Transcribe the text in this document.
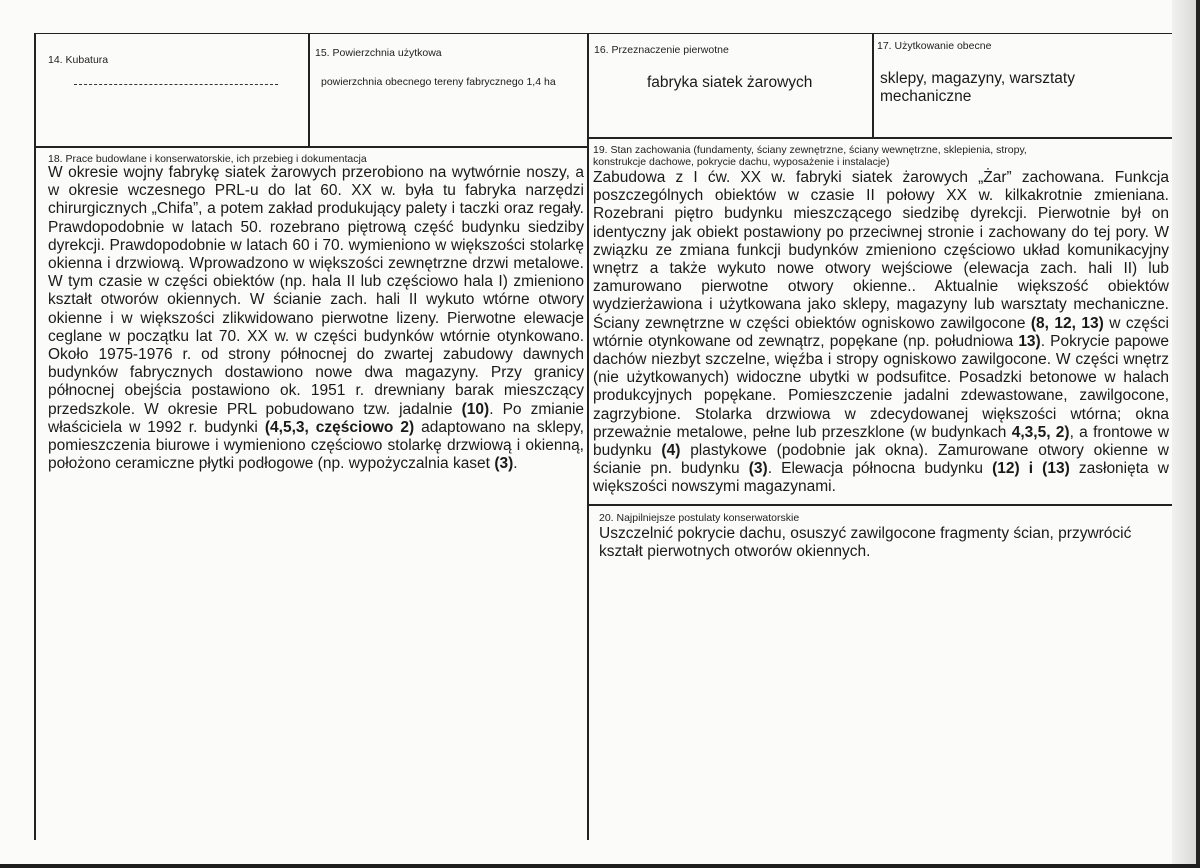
14. Kubatura
15. Powierzchnia użytkowa
powierzchnia obecnego tereny fabrycznego 1,4 ha
16. Przeznaczenie pierwotne
fabryka siatek żarowych
17. Użytkowanie obecne
sklepy, magazyny, warsztaty mechaniczne
18. Prace budowlane i konserwatorskie, ich przebieg i dokumentacja

W okresie wojny fabrykę siatek żarowych przerobiono na wytwórnie noszy, a w okresie wczesnego PRL-u do lat 60. XX w. była tu fabryka narzędzi chirurgicznych „Chifa”, a potem zakład produkujący palety i taczki oraz regały. Prawdopodobnie w latach 50. rozebrano piętrową część budynku siedziby dyrekcji. Prawdopodobnie w latach 60 i 70. wymieniono w większości stolarkę okienna i drzwiową. Wprowadzono w większości zewnętrzne drzwi metalowe. W tym czasie w części obiektów (np. hala II lub częściowo hala I) zmieniono kształt otworów okiennych. W ścianie zach. hali II wykuto wtórne otwory okienne i w większości zlikwidowano pierwotne lizeny. Pierwotne elewacje ceglane w początku lat 70. XX w. w części budynków wtórnie otynkowano. Około 1975-1976 r. od strony północnej do zwartej zabudowy dawnych budynków fabrycznych dostawiono nowe dwa magazyny. Przy granicy północnej obejścia postawiono ok. 1951 r. drewniany barak mieszczący przedszkole. W okresie PRL pobudowano tzw. jadalnie (10). Po zmianie właściciela w 1992 r. budynki (4,5,3, częściowo 2) adaptowano na sklepy, pomieszczenia biurowe i wymieniono częściowo stolarkę drzwiową i okienną, położono ceramiczne płytki podłogowe (np. wypożyczalnia kaset (3).

19. Stan zachowania (fundamenty, ściany zewnętrzne, ściany wewnętrzne, sklepienia, stropy,
konstrukcje dachowe, pokrycie dachu, wyposażenie i instalacje)

Zabudowa z I ćw. XX w. fabryki siatek żarowych „Żar” zachowana. Funkcja poszczególnych obiektów w czasie II połowy XX w. kilkakrotnie zmieniana. Rozebrani piętro budynku mieszczącego siedzibę dyrekcji. Pierwotnie był on identyczny jak obiekt postawiony po przeciwnej stronie i zachowany do tej pory. W związku ze zmiana funkcji budynków zmieniono częściowo układ komunikacyjny wnętrz a także wykuto nowe otwory wejściowe (elewacja zach. hali II) lub zamurowano pierwotne otwory okienne.. Aktualnie większość obiektów wydzierżawiona i użytkowana jako sklepy, magazyny lub warsztaty mechaniczne. Ściany zewnętrzne w części obiektów ogniskowo zawilgocone (8, 12, 13) w części wtórnie otynkowane od zewnątrz, popękane (np. południowa 13). Pokrycie papowe dachów niezbyt szczelne, więźba i stropy ogniskowo zawilgocone. W części wnętrz (nie użytkowanych) widoczne ubytki w podsufitce. Posadzki betonowe w halach produkcyjnych popękane. Pomieszczenie jadalni zdewastowane, zawilgocone, zagrzybione. Stolarka drzwiowa w zdecydowanej większości wtórna; okna przeważnie metalowe, pełne lub przeszklone (w budynkach 4,3,5, 2), a frontowe w budynku (4) plastykowe (podobnie jak okna). Zamurowane otwory okienne w ścianie pn. budynku (3). Elewacja północna budynku (12) i (13) zasłonięta w większości nowszymi magazynami.

20. Najpilniejsze postulaty konserwatorskie
Uszczelnić pokrycie dachu, osuszyć zawilgocone fragmenty ścian, przywrócić kształt pierwotnych otworów okiennych.
